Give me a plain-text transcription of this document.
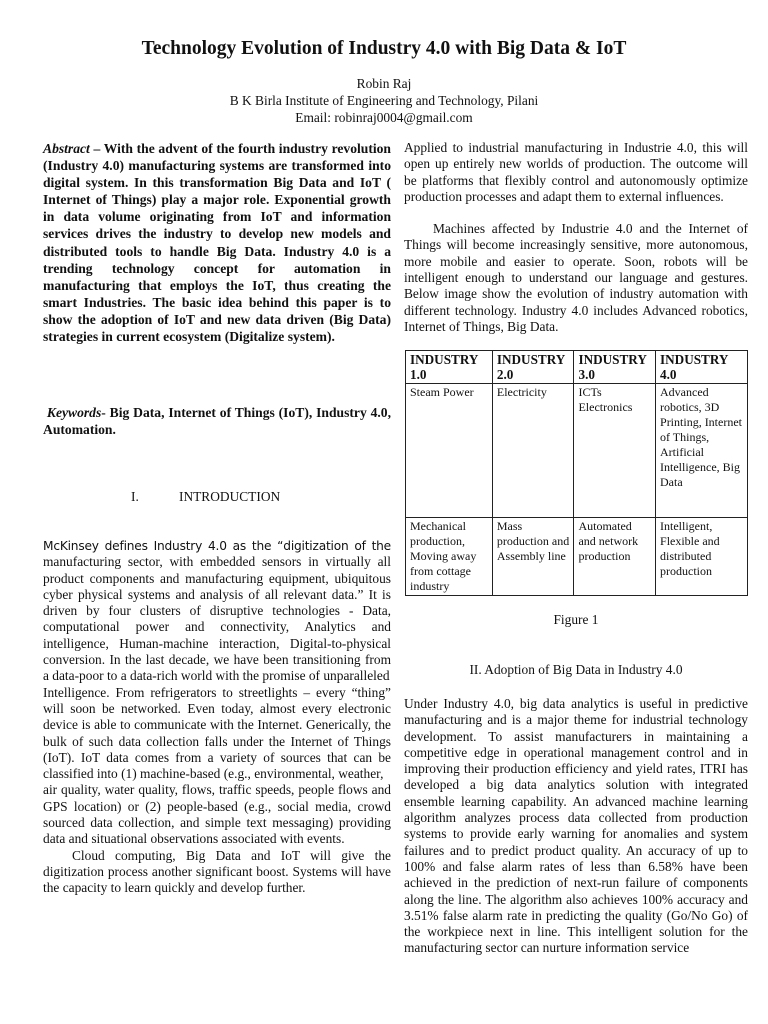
Technology Evolution of Industry 4.0 with Big Data & IoT
Robin Raj
B K Birla Institute of Engineering and Technology, Pilani
Email: robinraj0004@gmail.com
Abstract – With the advent of the fourth industry revolution (Industry 4.0) manufacturing systems are transformed into digital system. In this transformation Big Data and IoT ( Internet of Things) play a major role. Exponential growth in data volume originating from IoT and information services drives the industry to develop new models and distributed tools to handle Big Data. Industry 4.0 is a trending technology concept for automation in manufacturing that employs the IoT, thus creating the smart Industries. The basic idea behind this paper is to show the adoption of IoT and new data driven (Big Data) strategies in current ecosystem (Digitalize system).
Keywords- Big Data, Internet of Things (IoT), Industry 4.0, Automation.
I.	INTRODUCTION

McKinsey defines Industry 4.0 as the “digitization of the manufacturing sector, with embedded sensors in virtually all product components and manufacturing equipment, ubiquitous cyber physical systems and analysis of all relevant data.” It is driven by four clusters of disruptive technologies - Data, computational power and connectivity, Analytics and intelligence, Human-machine interaction, Digital-to-physical conversion. In the last decade, we have been transitioning from a data-poor to a data-rich world with the promise of unparalleled

Intelligence. From refrigerators to streetlights – every “thing” will soon be networked. Even today, almost every electronic device is able to communicate with the Internet. Generically, the bulk of such data collection falls under the Internet of Things (IoT). IoT data comes from a variety of sources that can be classified into (1) machine-based (e.g., environmental, weather,

air quality, water quality, flows, traffic speeds, people flows and GPS location) or (2) people-based (e.g., social media, crowd sourced data collection, and simple text messaging) providing data and situational observations associated with events.

Cloud computing, Big Data and IoT will give the digitization process another significant boost. Systems will have the capacity to learn quickly and develop further.

Applied to industrial manufacturing in Industrie 4.0, this will open up entirely new worlds of production. The outcome will be platforms that flexibly control and autonomously optimize production processes and adapt them to external influences.

Machines affected by Industrie 4.0 and the Internet of Things will become increasingly sensitive, more autonomous, more mobile and easier to operate. Soon, robots will be intelligent enough to understand our language and gestures. Below image show the evolution of industry automation with different technology. Industry 4.0 includes Advanced robotics, Internet of Things, Big Data.

INDUSTRY 1.0	INDUSTRY 2.0	INDUSTRY 3.0	INDUSTRY 4.0
Steam Power	Electricity	ICTs Electronics	Advanced robotics, 3D Printing, Internet of Things, Artificial Intelligence, Big Data
Mechanical production, Moving away from cottage industry	Mass production and Assembly line	Automated and network production	Intelligent, Flexible and distributed production
Figure 1
II. Adoption of Big Data in Industry 4.0

Under Industry 4.0, big data analytics is useful in predictive manufacturing and is a major theme for industrial technology development. To assist manufacturers in maintaining a competitive edge in operational management control and in improving their production efficiency and yield rates, ITRI has developed a big data analytics solution with integrated ensemble learning capability. An advanced machine learning algorithm analyzes process data collected from production systems to provide early warning for anomalies and system failures and to predict product quality. An accuracy of up to 100% and false alarm rates of less than 6.58% have been achieved in the prediction of next-run failure of components along the line. The algorithm also achieves 100% accuracy and 3.51% false alarm rate in predicting the quality (Go/No Go) of the workpiece next in line. This intelligent solution for the manufacturing sector can nurture information service
